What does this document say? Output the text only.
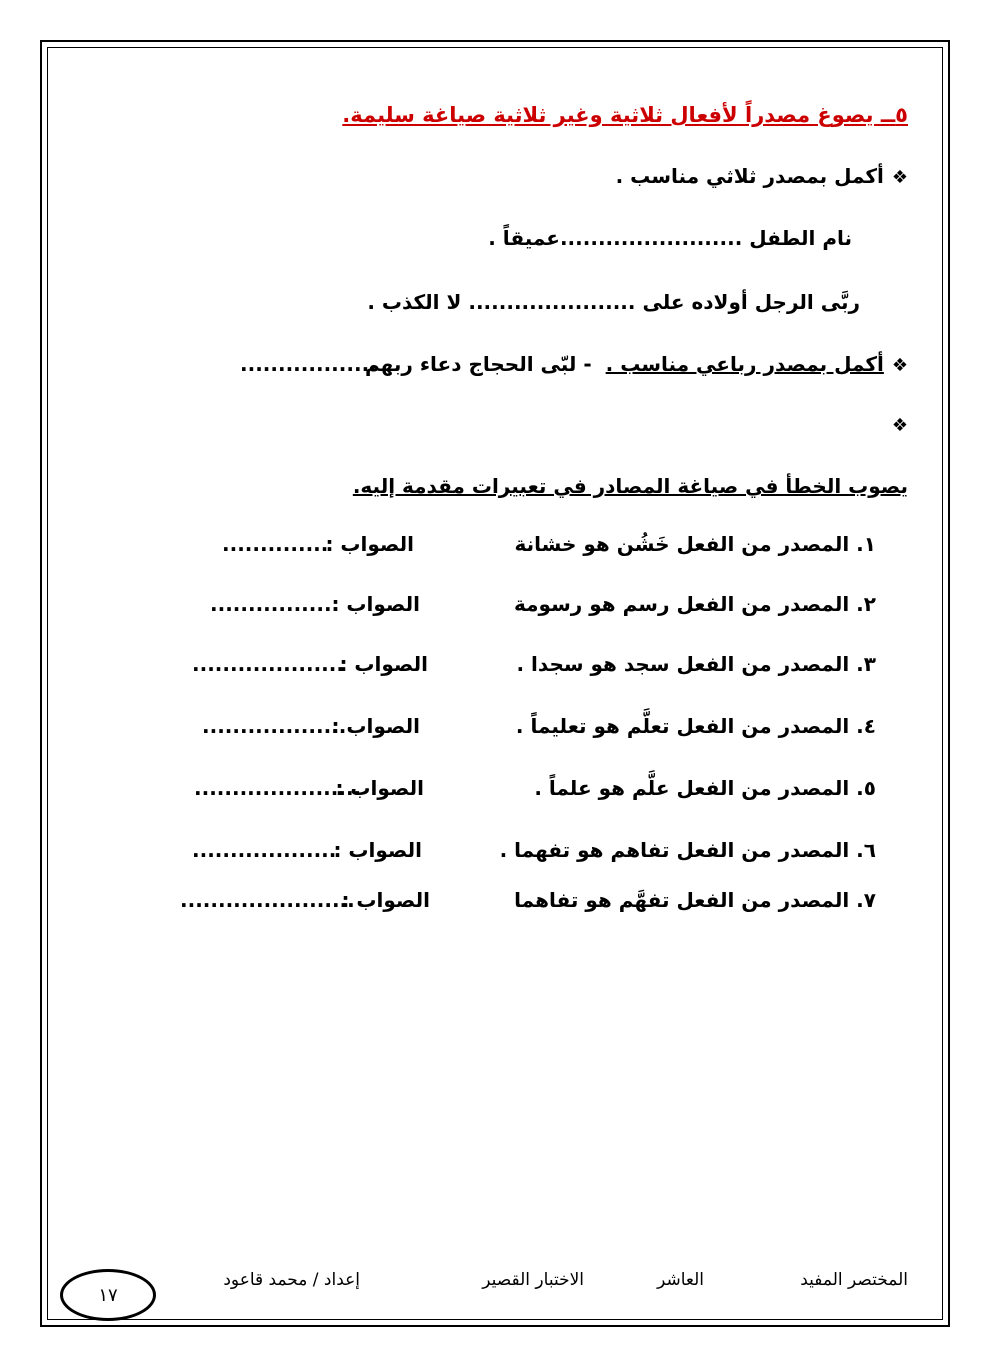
٥ــ يصوغ مصدراً لأفعال ثلاثية وغير ثلاثية صياغة سليمة.
❖أكمل بمصدر ثلاثي مناسب .
نام الطفل ........................عميقاً .
ربَّى الرجل أولاده على ...................... لا الكذب .
❖أكمل بمصدر رباعي مناسب .  - لبّى الحجاج دعاء ربهم
..................
❖
يصوب الخطأ في صياغة المصادر في تعبيرات مقدمة إليه.
١. المصدر من الفعل خَشُن هو خشانة
الصواب :
..............
٢. المصدر من الفعل رسم هو رسومة
الصواب :
.................
٣. المصدر من الفعل سجد هو سجدا .
الصواب :
....................
٤. المصدر من الفعل تعلَّم هو تعليماً .
الصواب :
...................
٥. المصدر من الفعل علَّم هو علماً .
الصواب :
......................
٦. المصدر من الفعل تفاهم هو تفهما .
الصواب :
...................
٧. المصدر من الفعل تفهَّم هو تفاهما
الصواب :
.......................
المختصر المفيد
العاشر
الاختبار القصير
إعداد / محمد قاعود
١٧
